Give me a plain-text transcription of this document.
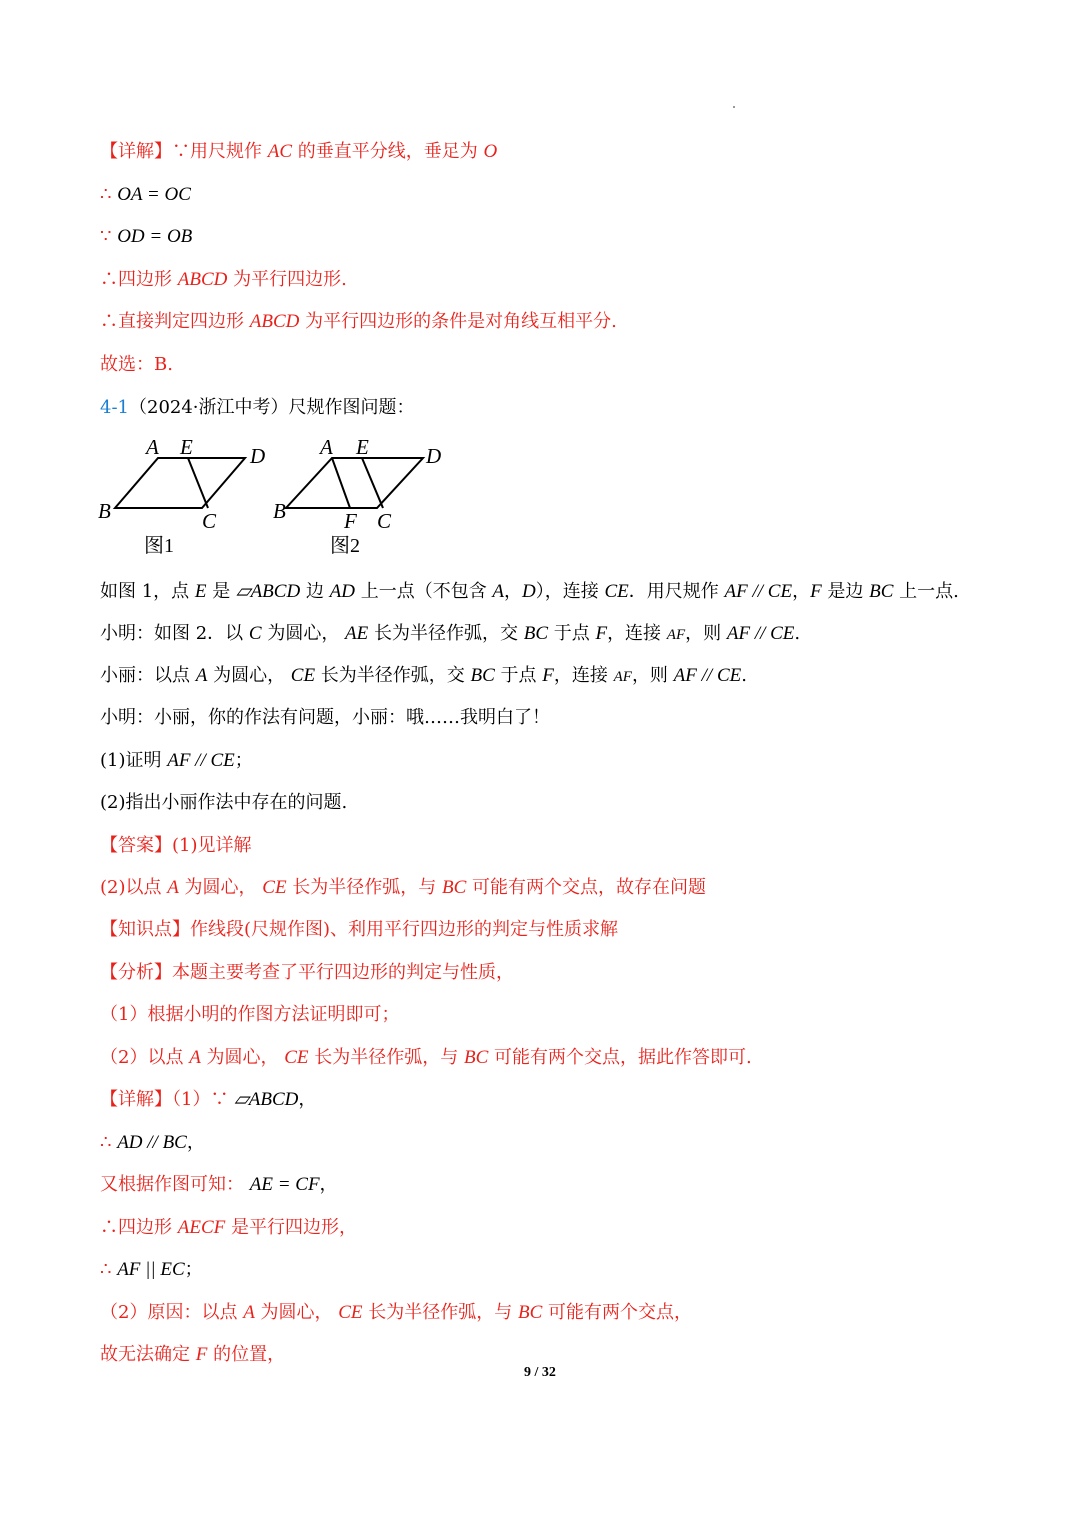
【详解】∵用尺规作 AC 的垂直平分线，垂足为 O
∴ OA = OC
∵ OD = OB
∴四边形 ABCD 为平行四边形.
∴直接判定四边形 ABCD 为平行四边形的条件是对角线互相平分.
故选：B.
4-1（2024·浙江中考）尺规作图问题：
A E	D
B	C
图1
A E	D
B	F C
图2
如图 1，点 E 是 ▱ABCD 边 AD 上一点（不包含 A，D），连接 CE．用尺规作 AF // CE，F 是边 BC 上一点.
小明：如图 2．以 C 为圆心， AE 长为半径作弧，交 BC 于点 F，连接 AF，则 AF // CE.
小丽：以点 A 为圆心， CE 长为半径作弧，交 BC 于点 F，连接 AF，则 AF // CE.
小明：小丽，你的作法有问题，小丽：哦……我明白了！
(1)证明 AF // CE；
(2)指出小丽作法中存在的问题.
【答案】(1)见详解
(2)以点 A 为圆心， CE 长为半径作弧，与 BC 可能有两个交点，故存在问题
【知识点】作线段(尺规作图)、利用平行四边形的判定与性质求解
【分析】本题主要考查了平行四边形的判定与性质，
（1）根据小明的作图方法证明即可；
（2）以点 A 为圆心， CE 长为半径作弧，与 BC 可能有两个交点，据此作答即可.
【详解】（1）∵ ▱ABCD，
∴ AD // BC，
又根据作图可知： AE = CF，
∴四边形 AECF 是平行四边形，
∴ AF || EC；
（2）原因：以点 A 为圆心， CE 长为半径作弧，与 BC 可能有两个交点，
故无法确定 F 的位置，
9 / 32
